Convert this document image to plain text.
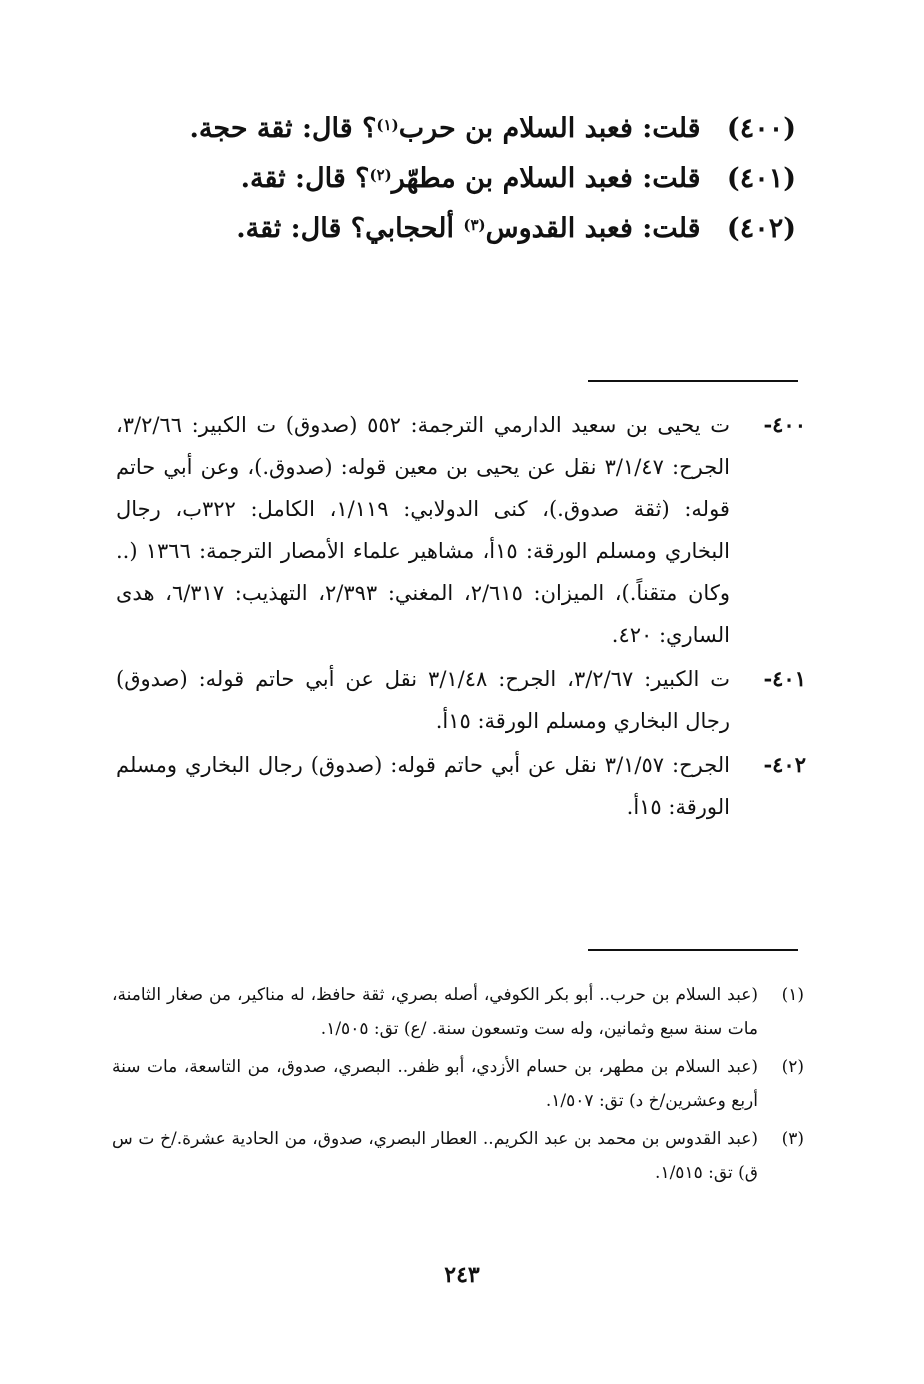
(٤٠٠) قلت: فعبد السلام بن حرب$^{(١)}$؟ قال: ثقة حجة.
(٤٠١) قلت: فعبد السلام بن مطهّر$^{(٢)}$؟ قال: ثقة.
(٤٠٢) قلت: فعبد القدوس$^{(٣)}$ ألحجابي؟ قال: ثقة.
٤٠٠-
ت يحيى بن سعيد الدارمي الترجمة: ٥٥٢ (صدوق) ت الكبير: ٣/٢/٦٦، الجرح: ٣/١/٤٧ نقل عن يحيى بن معين قوله: (صدوق.)، وعن أبي حاتم قوله: (ثقة صدوق.)، كنى الدولابي: ١/١١٩، الكامل: ٣٢٢ب، رجال البخاري ومسلم الورقة: ١٥أ، مشاهير علماء الأمصار الترجمة: ١٣٦٦ (.. وكان متقناً.)، الميزان: ٢/٦١٥، المغني: ٢/٣٩٣، التهذيب: ٦/٣١٧، هدى الساري: ٤٢٠.
٤٠١-
ت الكبير: ٣/٢/٦٧، الجرح: ٣/١/٤٨ نقل عن أبي حاتم قوله: (صدوق) رجال البخاري ومسلم الورقة: ١٥أ.
٤٠٢-
الجرح: ٣/١/٥٧ نقل عن أبي حاتم قوله: (صدوق) رجال البخاري ومسلم الورقة: ١٥أ.
(١)
(عبد السلام بن حرب.. أبو بكر الكوفي، أصله بصري، ثقة حافظ، له مناكير، من صغار الثامنة، مات سنة سبع وثمانين، وله ست وتسعون سنة. /ع) تق: ١/٥٠٥.
(٢)
(عبد السلام بن مطهر، بن حسام الأزدي، أبو ظفر.. البصري، صدوق، من التاسعة، مات سنة أربع وعشرين/خ د) تق: ١/٥٠٧.
(٣)
(عبد القدوس بن محمد بن عبد الكريم.. العطار البصري، صدوق، من الحادية عشرة./خ ت س ق) تق: ١/٥١٥.
٢٤٣
